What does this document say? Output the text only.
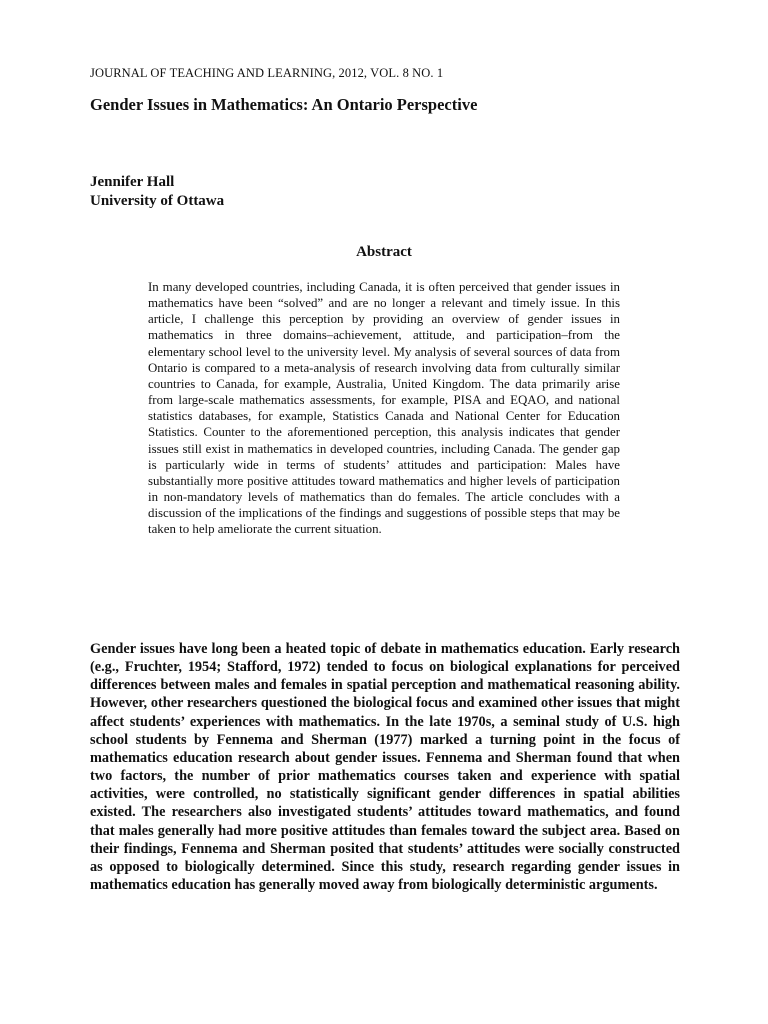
JOURNAL OF TEACHING AND LEARNING, 2012, VOL. 8 NO. 1
Gender Issues in Mathematics: An Ontario Perspective
Jennifer Hall
University of Ottawa
Abstract

In many developed countries, including Canada, it is often perceived that gender issues in mathematics have been “solved” and are no longer a relevant and timely issue. In this article, I challenge this perception by providing an overview of gender issues in mathematics in three domains–achievement, attitude, and participation–from the elementary school level to the university level. My analysis of several sources of data from Ontario is compared to a meta-analysis of research involving data from culturally similar countries to Canada, for example, Australia, United Kingdom. The data primarily arise from large-scale mathematics assessments, for example, PISA and EQAO, and national statistics databases, for example, Statistics Canada and National Center for Education Statistics. Counter to the aforementioned perception, this analysis indicates that gender issues still exist in mathematics in developed countries, including Canada. The gender gap is particularly wide in terms of students’ attitudes and participation: Males have substantially more positive attitudes toward mathematics and higher levels of participation in non-mandatory levels of mathematics than do females. The article concludes with a discussion of the implications of the findings and suggestions of possible steps that may be taken to help ameliorate the current situation.

Gender issues have long been a heated topic of debate in mathematics education. Early research (e.g., Fruchter, 1954; Stafford, 1972) tended to focus on biological explanations for perceived differences between males and females in spatial perception and mathematical reasoning ability. However, other researchers questioned the biological focus and examined other issues that might affect students’ experiences with mathematics. In the late 1970s, a seminal study of U.S. high school students by Fennema and Sherman (1977) marked a turning point in the focus of mathematics education research about gender issues. Fennema and Sherman found that when two factors, the number of prior mathematics courses taken and experience with spatial activities, were controlled, no statistically significant gender differences in spatial abilities existed. The researchers also investigated students’ attitudes toward mathematics, and found that males generally had more positive attitudes than females toward the subject area. Based on their findings, Fennema and Sherman posited that students’ attitudes were socially constructed as opposed to biologically determined. Since this study, research regarding gender issues in mathematics education has generally moved away from biologically deterministic arguments.
